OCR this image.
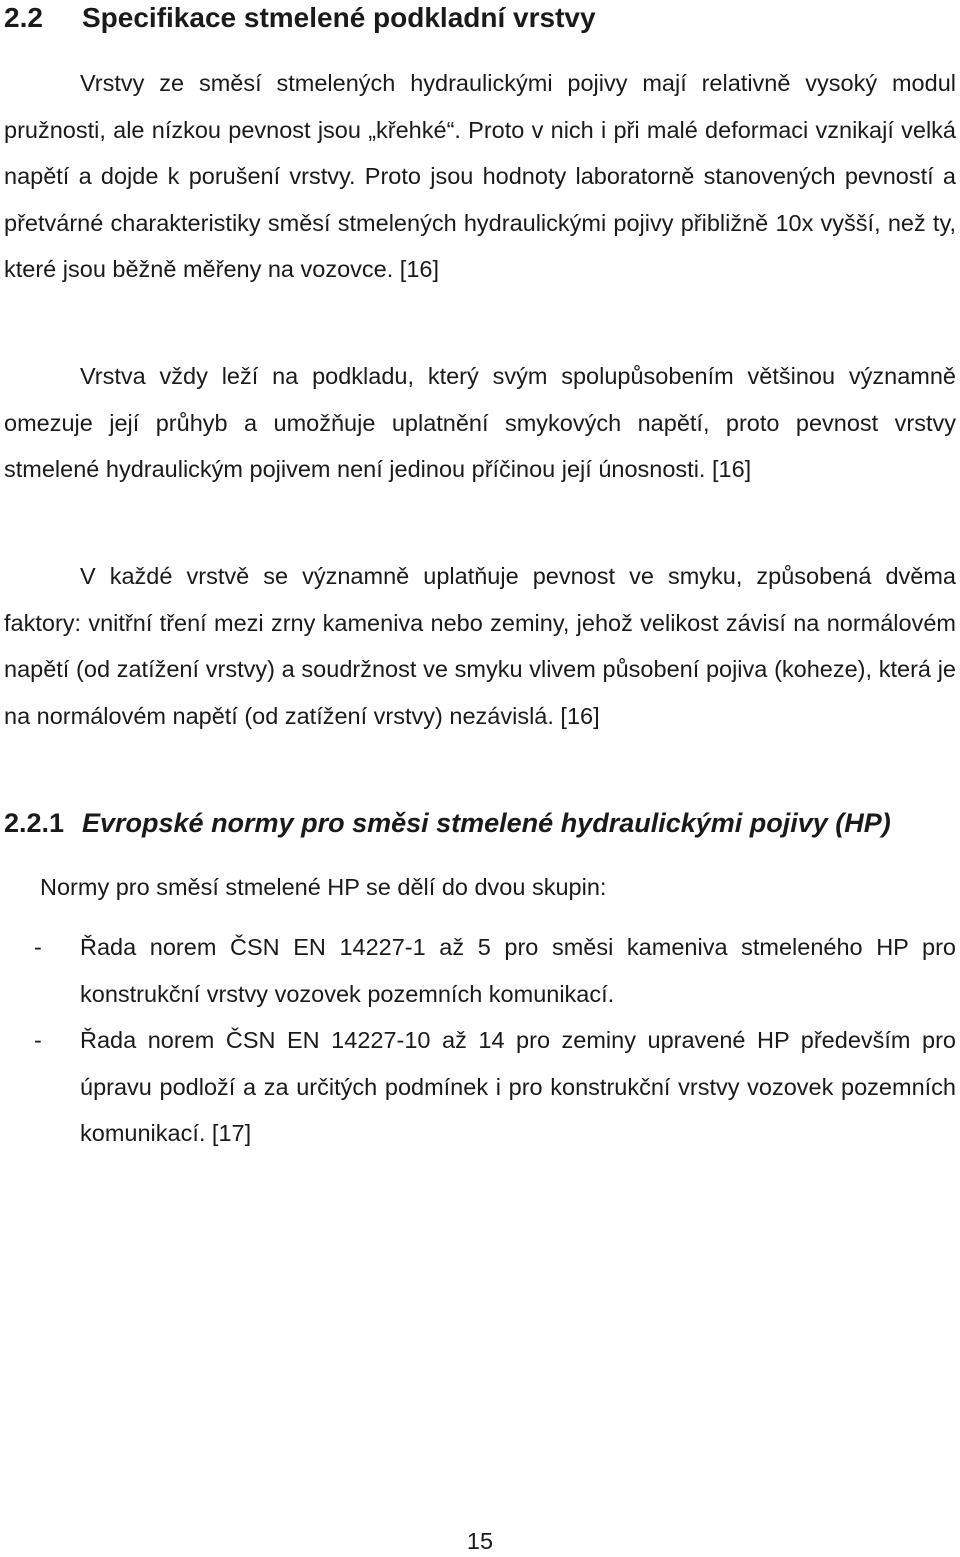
2.2 Specifikace stmelené podkladní vrstvy

Vrstvy ze směsí stmelených hydraulickými pojivy mají relativně vysoký modul pružnosti, ale nízkou pevnost jsou „křehké“. Proto v nich i při malé deformaci vznikají velká napětí a dojde k porušení vrstvy. Proto jsou hodnoty laboratorně stanovených pevností a přetvárné charakteristiky směsí stmelených hydraulickými pojivy přibližně 10x vyšší, než ty, které jsou běžně měřeny na vozovce. [16]

Vrstva vždy leží na podkladu, který svým spolupůsobením většinou významně omezuje její průhyb a umožňuje uplatnění smykových napětí, proto pevnost vrstvy stmelené hydraulickým pojivem není jedinou příčinou její únosnosti. [16]

V každé vrstvě se významně uplatňuje pevnost ve smyku, způsobená dvěma faktory: vnitřní tření mezi zrny kameniva nebo zeminy, jehož velikost závisí na normálovém napětí (od zatížení vrstvy) a soudržnost ve smyku vlivem působení pojiva (koheze), která je na normálovém napětí (od zatížení vrstvy) nezávislá. [16]

2.2.1 Evropské normy pro směsi stmelené hydraulickými pojivy (HP)

Normy pro směsí stmelené HP se dělí do dvou skupin:

- Řada norem ČSN EN 14227-1 až 5 pro směsi kameniva stmeleného HP pro konstrukční vrstvy vozovek pozemních komunikací.
- Řada norem ČSN EN 14227-10 až 14 pro zeminy upravené HP především pro úpravu podloží a za určitých podmínek i pro konstrukční vrstvy vozovek pozemních komunikací. [17]
15
